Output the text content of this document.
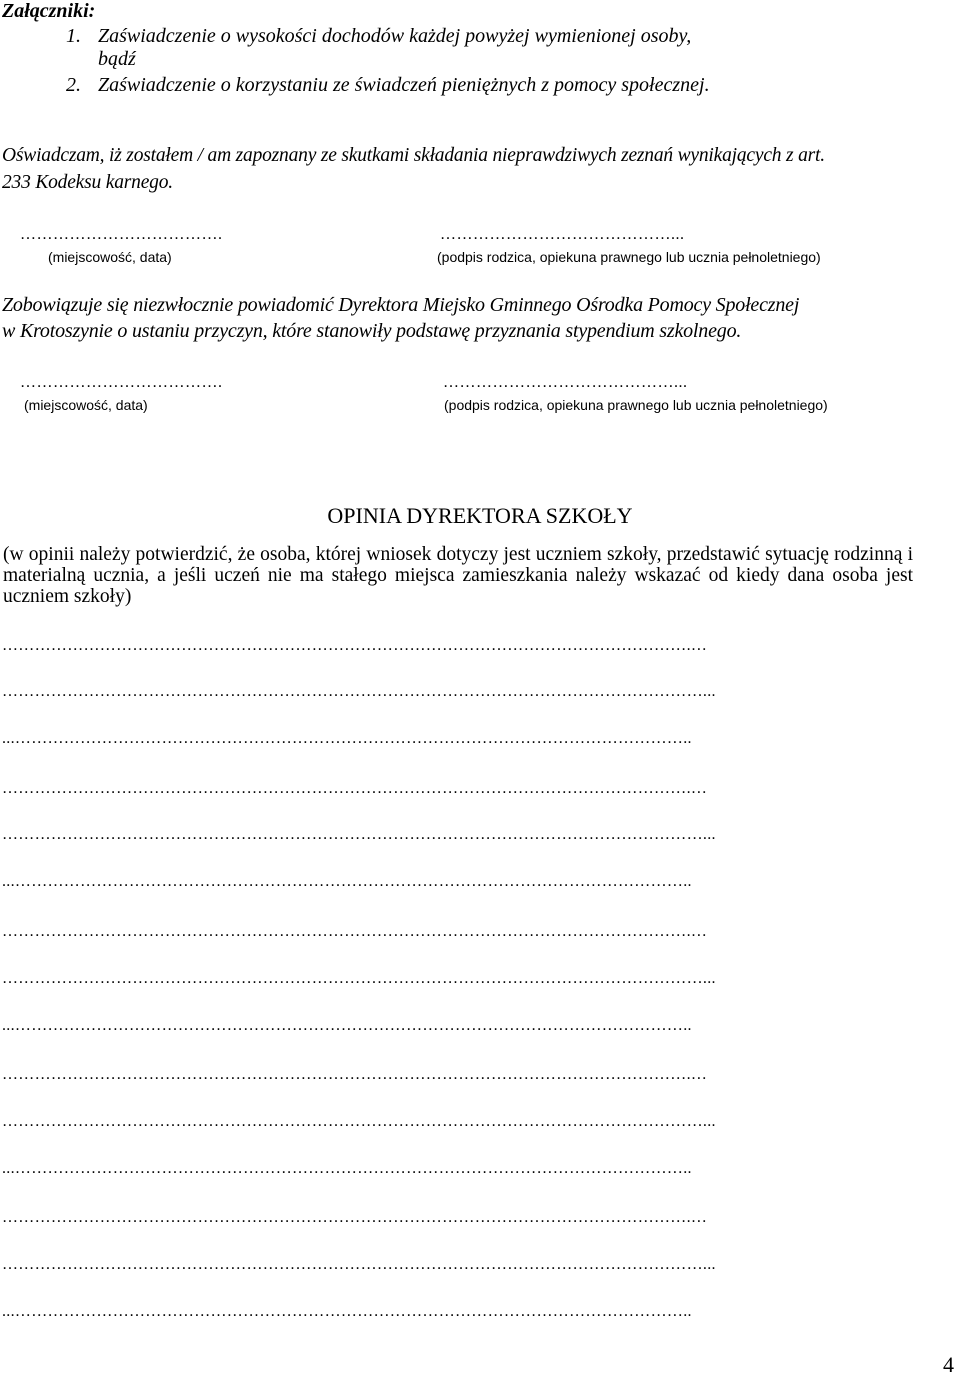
Załączniki:
1. Zaświadczenie o wysokości dochodów każdej powyżej wymienionej osoby,
bądź
2. Zaświadczenie o korzystaniu ze świadczeń pieniężnych z pomocy społecznej.
Oświadczam, iż zostałem / am zapoznany ze skutkami składania nieprawdziwych zeznań wynikających z art.
233 Kodeksu karnego.
……………………………….
(miejscowość, data)
……………………………………...
(podpis rodzica, opiekuna prawnego lub ucznia pełnoletniego)
Zobowiązuje się niezwłocznie powiadomić Dyrektora Miejsko Gminnego Ośrodka Pomocy Społecznej
w Krotoszynie o ustaniu przyczyn, które stanowiły podstawę przyznania stypendium szkolnego.
……………………………….
(miejscowość, data)
……………………………………...
(podpis rodzica, opiekuna prawnego lub ucznia pełnoletniego)
OPINIA DYREKTORA SZKOŁY
(w opinii należy potwierdzić, że osoba, której wniosek dotyczy jest uczniem szkoły, przedstawić sytuację rodzinną i materialną ucznia, a jeśli uczeń nie ma stałego miejsca zamieszkania należy wskazać od kiedy dana osoba jest uczniem szkoły)
……………………………………………………………………………………………………………….…
…………………………………………………………………………………………………………………...
...……………………………………………………………………………………………………………..
……………………………………………………………………………………………………………….…
…………………………………………………………………………………………………………………...
...……………………………………………………………………………………………………………..
……………………………………………………………………………………………………………….…
…………………………………………………………………………………………………………………...
...……………………………………………………………………………………………………………..
……………………………………………………………………………………………………………….…
…………………………………………………………………………………………………………………...
...……………………………………………………………………………………………………………..
……………………………………………………………………………………………………………….…
…………………………………………………………………………………………………………………...
...……………………………………………………………………………………………………………..
4
